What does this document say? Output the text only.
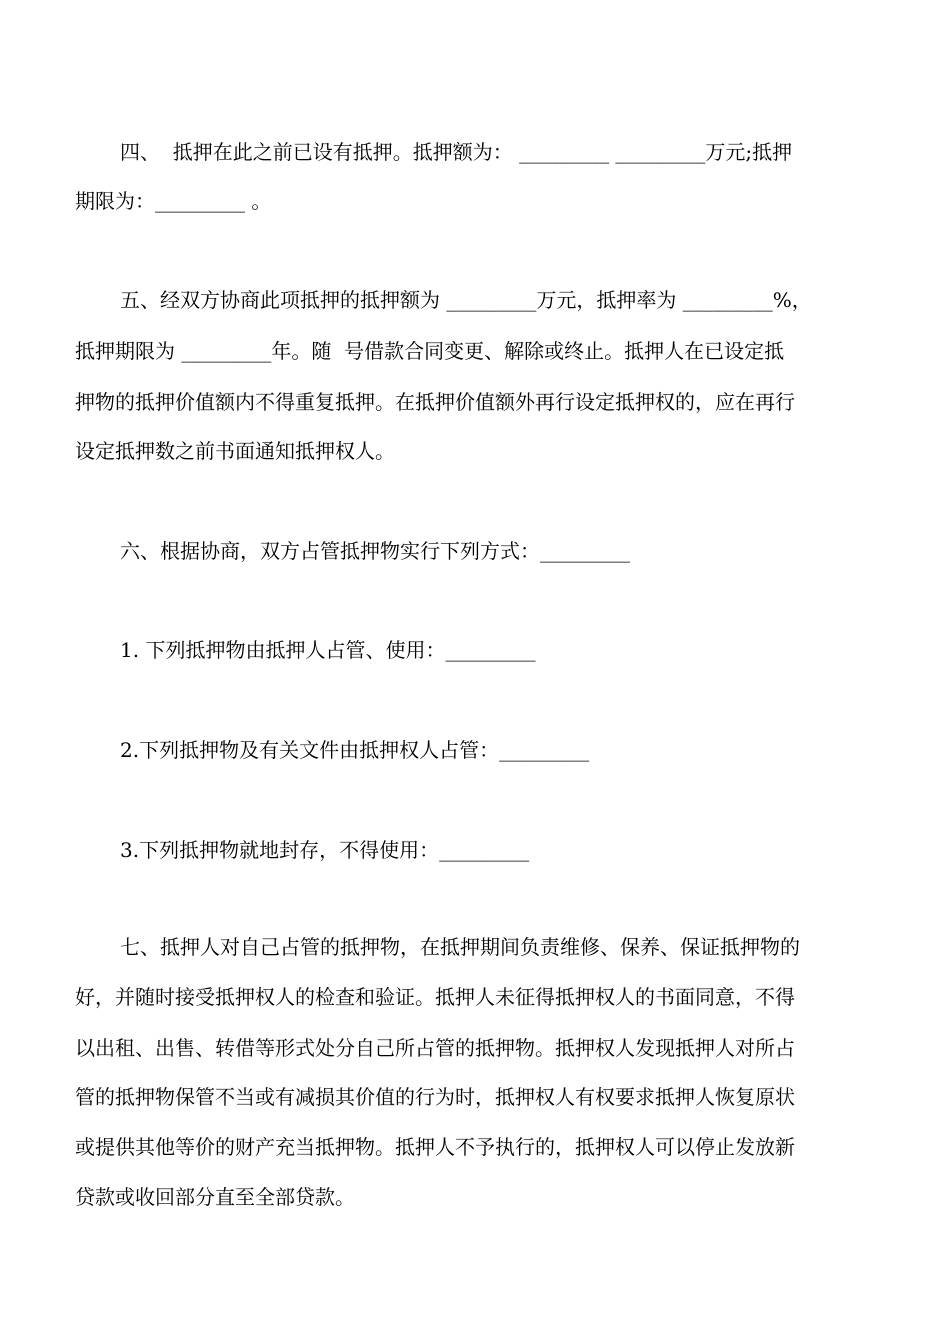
四、  抵押在此之前已设有抵押。抵押额为： _________ _________万元;抵押
期限为：_________ 。
五、经双方协商此项抵押的抵押额为 _________万元，抵押率为 _________%，
抵押期限为 _________年。随  号借款合同变更、解除或终止。抵押人在已设定抵
押物的抵押价值额内不得重复抵押。在抵押价值额外再行设定抵押权的，应在再行
设定抵押数之前书面通知抵押权人。
六、根据协商，双方占管抵押物实行下列方式：_________
1. 下列抵押物由抵押人占管、使用：_________
2.下列抵押物及有关文件由抵押权人占管：_________
3.下列抵押物就地封存，不得使用：_________
七、抵押人对自己占管的抵押物，在抵押期间负责维修、保养、保证抵押物的
好，并随时接受抵押权人的检查和验证。抵押人未征得抵押权人的书面同意，不得
以出租、出售、转借等形式处分自己所占管的抵押物。抵押权人发现抵押人对所占
管的抵押物保管不当或有减损其价值的行为时，抵押权人有权要求抵押人恢复原状
或提供其他等价的财产充当抵押物。抵押人不予执行的，抵押权人可以停止发放新
贷款或收回部分直至全部贷款。
